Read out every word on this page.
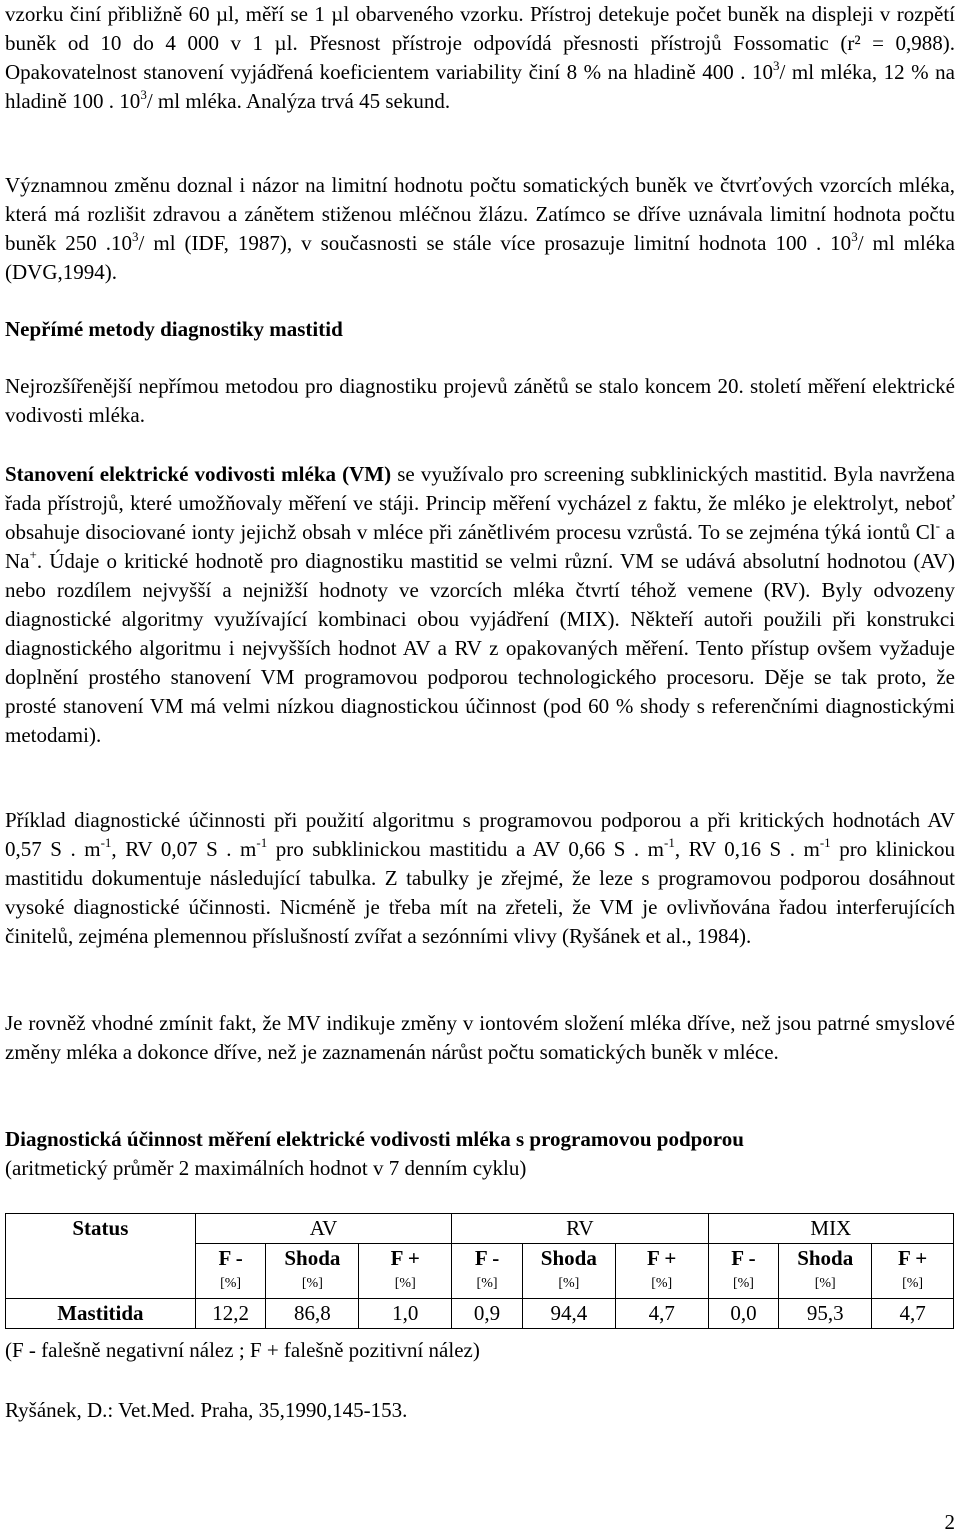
vzorku činí přibližně 60 µl, měří se 1 µl obarveného vzorku. Přístroj detekuje počet buněk na displeji v rozpětí buněk od 10 do 4 000 v 1 µl. Přesnost přístroje odpovídá přesnosti přístrojů Fossomatic (r² = 0,988). Opakovatelnost stanovení vyjádřená koeficientem variability činí 8 % na hladině 400 . $10^3/$ ml mléka, 12 % na hladině 100 . $10^3/$ ml mléka. Analýza trvá 45 sekund.

Významnou změnu doznal i názor na limitní hodnotu počtu somatických buněk ve čtvrťových vzorcích mléka, která má rozlišit zdravou a zánětem stiženou mléčnou žlázu. Zatímco se dříve uznávala limitní hodnota počtu buněk 250 $.10^3/$ ml (IDF, 1987), v současnosti se stále více prosazuje limitní hodnota 100 . $10^3/$ ml mléka (DVG,1994).

Nepřímé metody diagnostiky mastitid

Nejrozšířenější nepřímou metodou pro diagnostiku projevů zánětů se stalo koncem 20. století měření elektrické vodivosti mléka.

Stanovení elektrické vodivosti mléka (VM) se využívalo pro screening subklinických mastitid. Byla navržena řada přístrojů, které umožňovaly měření ve stáji. Princip měření vycházel z faktu, že mléko je elektrolyt, neboť obsahuje disociované ionty jejichž obsah v mléce při zánětlivém procesu vzrůstá. To se zejména týká iontů Cl- a Na+. Údaje o kritické hodnotě pro diagnostiku mastitid se velmi různí. VM se udává absolutní hodnotou (AV) nebo rozdílem nejvyšší a nejnižší hodnoty ve vzorcích mléka čtvrtí téhož vemene (RV). Byly odvozeny diagnostické algoritmy využívající kombinaci obou vyjádření (MIX). Někteří autoři použili při konstrukci diagnostického algoritmu i nejvyšších hodnot AV a RV z opakovaných měření. Tento přístup ovšem vyžaduje doplnění prostého stanovení VM programovou podporou technologického procesoru. Děje se tak proto, že prosté stanovení VM má velmi nízkou diagnostickou účinnost (pod 60 % shody s referenčními diagnostickými metodami).

Příklad diagnostické účinnosti při použití algoritmu s programovou podporou a při kritických hodnotách AV 0,57 S . $m^{-1}$, RV 0,07 S . $m^{-1}$ pro subklinickou mastitidu a AV 0,66 S . $m^{-1}$, RV 0,16 S . $m^{-1}$ pro klinickou mastitidu dokumentuje následující tabulka. Z tabulky je zřejmé, že leze s programovou podporou dosáhnout vysoké diagnostické účinnosti. Nicméně je třeba mít na zřeteli, že VM je ovlivňována řadou interferujících činitelů, zejména plemennou příslušností zvířat a sezónními vlivy (Ryšánek et al., 1984).

Je rovněž vhodné zmínit fakt, že MV indikuje změny v iontovém složení mléka dříve, než jsou patrné smyslové změny mléka a dokonce dříve, než je zaznamenán nárůst počtu somatických buněk v mléce.

Diagnostická účinnost měření elektrické vodivosti mléka s programovou podporou

(aritmetický průměr 2 maximálních hodnot v 7 denním cyklu)

Status	AV			RV			MIX		
	F -	Shoda	F +	F -	Shoda	F +	F -	Shoda	F +
	[%]	[%]	[%]	[%]	[%]	[%]	[%]	[%]	[%]
Mastitida	12,2	86,8	1,0	0,9	94,4	4,7	0,0	95,3	4,7

(F - falešně negativní nález ; F + falešně pozitivní nález)

Ryšánek, D.: Vet.Med. Praha, 35,1990,145-153.

2
